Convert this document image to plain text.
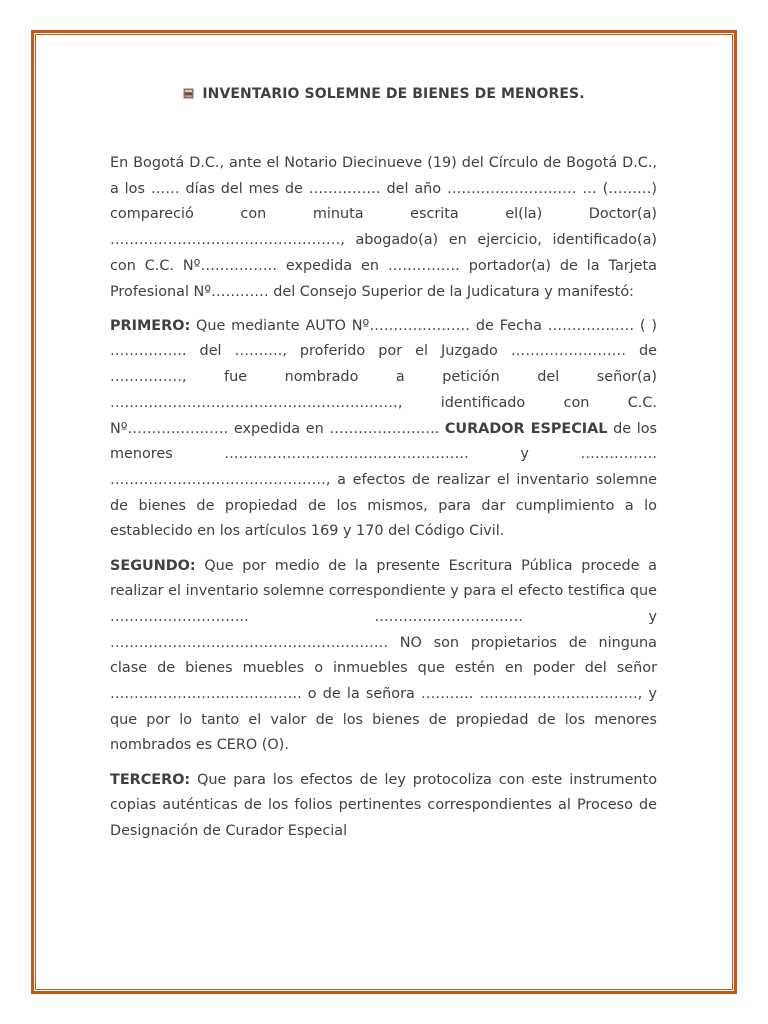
INVENTARIO SOLEMNE DE BIENES DE MENORES.

En Bogotá D.C., ante el Notario Diecinueve (19) del Círculo de Bogotá D.C., a los …… días del mes de …………… del año ……………………… … (………) compareció con minuta escrita el(la) Doctor(a) …………………………………………, abogado(a) en ejercicio, identificado(a) con C.C. Nº……………. expedida en …………… portador(a) de la Tarjeta Profesional Nº………… del Consejo Superior de la Judicatura y manifestó:

PRIMERO: Que mediante AUTO Nº………………… de Fecha ……………… ( ) ……………. del ………., proferido por el Juzgado …………………… de ……………, fue nombrado a petición del señor(a) ……………………………………………………, identificado con C.C. Nº………………… expedida en ………………….. CURADOR ESPECIAL de los menores …………………………………………… y ……………. ………………………………………, a efectos de realizar el inventario solemne de bienes de propiedad de los mismos, para dar cumplimiento a lo establecido en los artículos 169 y 170 del Código Civil.

SEGUNDO: Que por medio de la presente Escritura Pública procede a realizar el inventario solemne correspondiente y para el efecto testifica que ……………………….. …………………………. y …………………………………………………. NO son propietarios de ninguna clase de bienes muebles o inmuebles que estén en poder del señor …………………………………. o de la señora ……….. ……………………………, y que por lo tanto el valor de los bienes de propiedad de los menores nombrados es CERO (O).

TERCERO: Que para los efectos de ley protocoliza con este instrumento copias auténticas de los folios pertinentes correspondientes al Proceso de Designación de Curador Especial
